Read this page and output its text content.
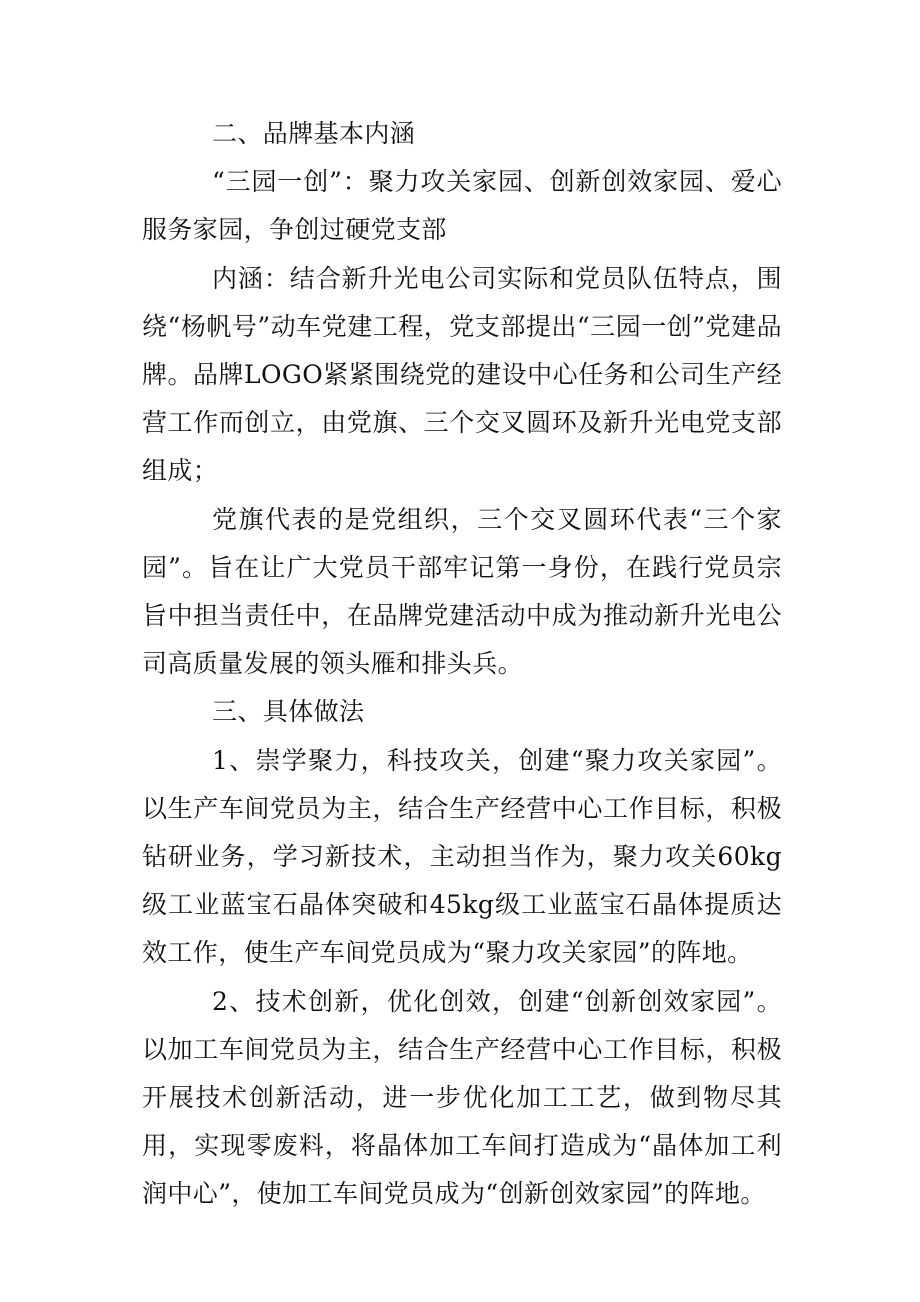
二、品牌基本内涵

“三园一创”：聚力攻关家园、创新创效家园、爱心服务家园，争创过硬党支部

内涵：结合新升光电公司实际和党员队伍特点，围绕“杨帆号”动车党建工程，党支部提出“三园一创”党建品牌。品牌LOGO紧紧围绕党的建设中心任务和公司生产经营工作而创立，由党旗、三个交叉圆环及新升光电党支部组成；

党旗代表的是党组织，三个交叉圆环代表“三个家园”。旨在让广大党员干部牢记第一身份，在践行党员宗旨中担当责任中，在品牌党建活动中成为推动新升光电公司高质量发展的领头雁和排头兵。

三、具体做法

1、崇学聚力，科技攻关，创建“聚力攻关家园”。以生产车间党员为主，结合生产经营中心工作目标，积极钻研业务，学习新技术，主动担当作为，聚力攻关60kg级工业蓝宝石晶体突破和45kg级工业蓝宝石晶体提质达效工作，使生产车间党员成为“聚力攻关家园”的阵地。

2、技术创新，优化创效，创建“创新创效家园”。以加工车间党员为主，结合生产经营中心工作目标，积极开展技术创新活动，进一步优化加工工艺，做到物尽其用，实现零废料，将晶体加工车间打造成为“晶体加工利润中心”，使加工车间党员成为“创新创效家园”的阵地。
